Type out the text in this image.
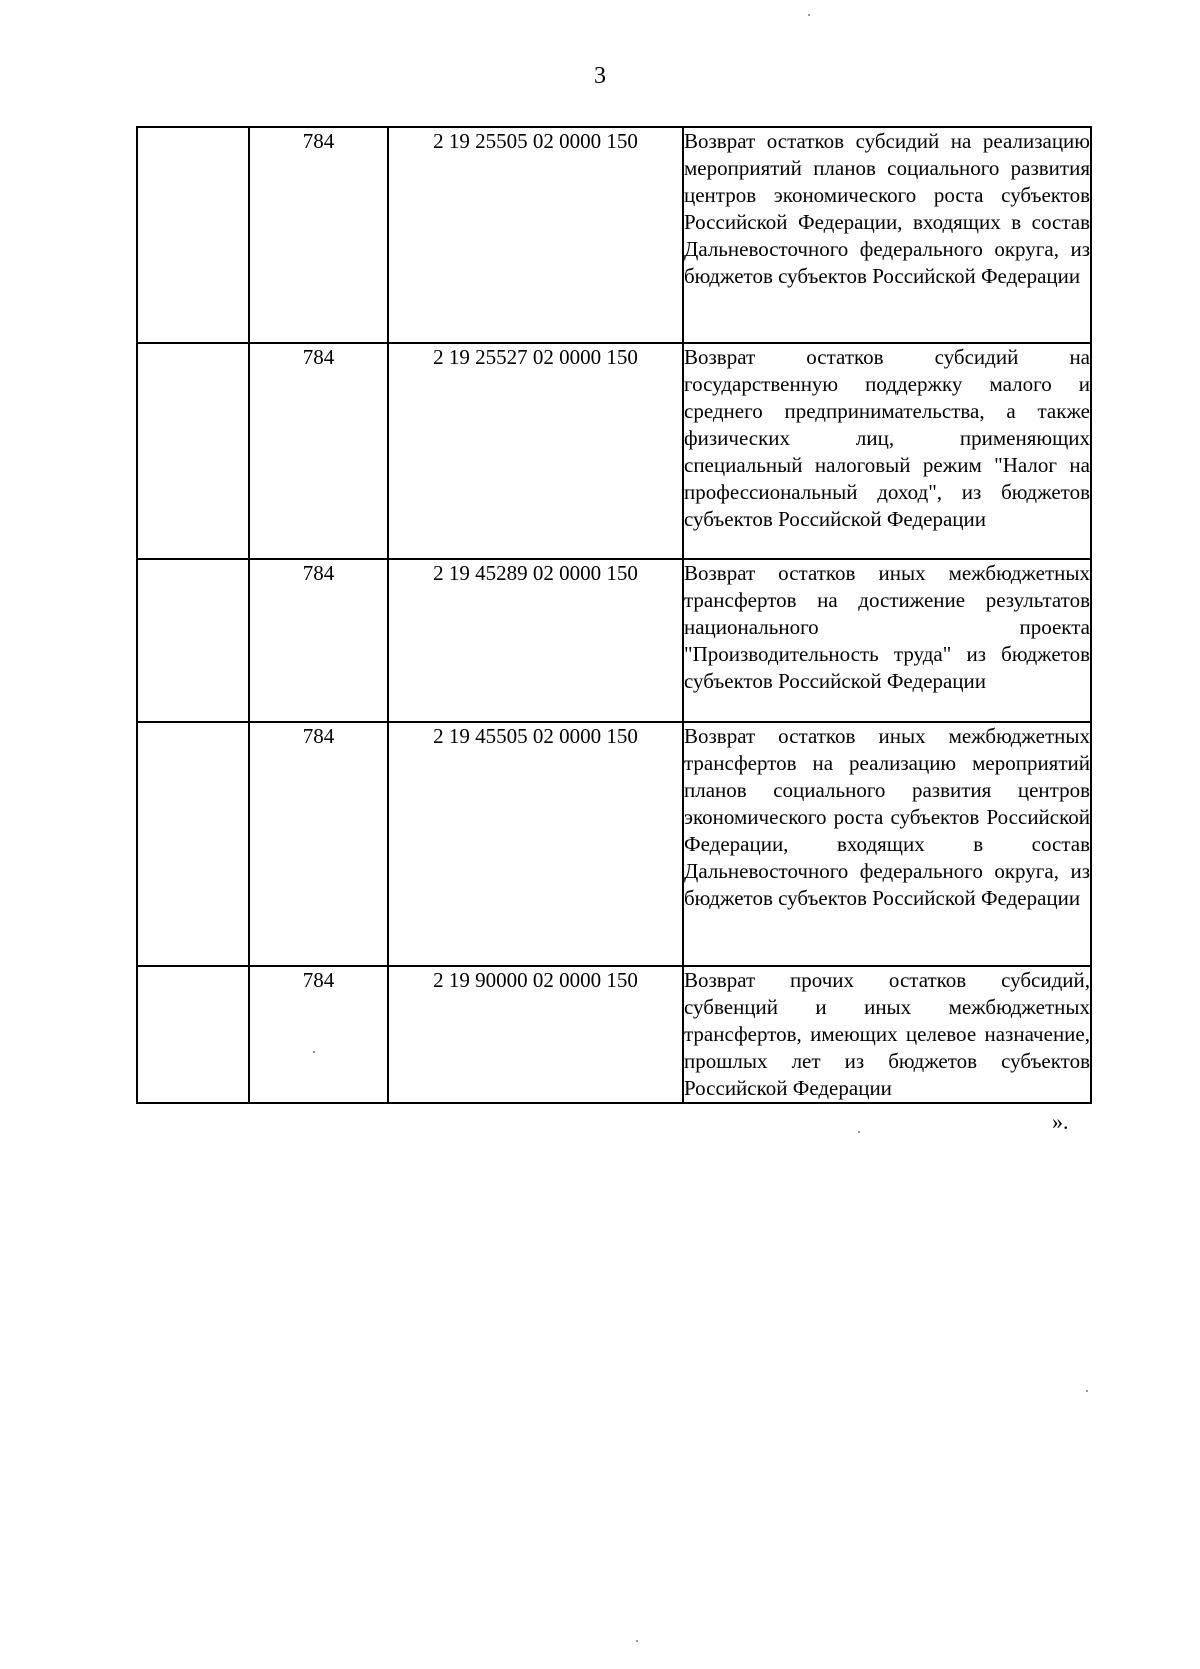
3
	784	2 19 25505 02 0000 150	Возврат остатков субсидий на реализацию мероприятий планов социального развития центров экономического роста субъектов Российской Федерации, входящих в состав Дальневосточного федерального округа, из бюджетов субъектов Российской Федерации
	784	2 19 25527 02 0000 150	Возврат остатков субсидий на государственную поддержку малого и среднего предпринимательства, а также физических лиц, применяющих специальный налоговый режим "Налог на профессиональный доход", из бюджетов субъектов Российской Федерации
	784	2 19 45289 02 0000 150	Возврат остатков иных межбюджетных трансфертов на достижение результатов национального проекта "Производительность труда" из бюджетов субъектов Российской Федерации
	784	2 19 45505 02 0000 150	Возврат остатков иных межбюджетных трансфертов на реализацию мероприятий планов социального развития центров экономического роста субъектов Российской Федерации, входящих в состав Дальневосточного федерального округа, из бюджетов субъектов Российской Федерации
	784	2 19 90000 02 0000 150	Возврат прочих остатков субсидий, субвенций и иных межбюджетных трансфертов, имеющих целевое назначение, прошлых лет из бюджетов субъектов Российской Федерации
».
